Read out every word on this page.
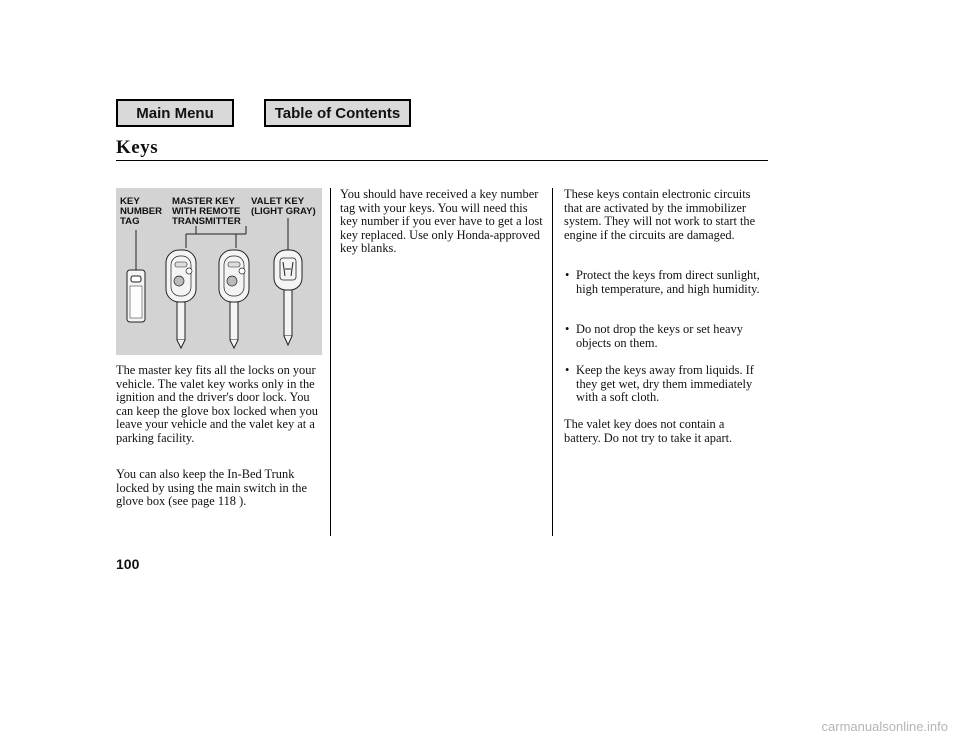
Main Menu	Table of Contents
Keys
KEY
NUMBER
TAG
MASTER KEY
WITH REMOTE
TRANSMITTER
VALET KEY
(LIGHT GRAY)

The master key fits all the locks on your vehicle. The valet key works only in the ignition and the driver's door lock. You can keep the glove box locked when you leave your vehicle and the valet key at a parking facility.

You can also keep the In-Bed Trunk locked by using the main switch in the glove box (see page 118 ).

You should have received a key number tag with your keys. You will need this key number if you ever have to get a lost key replaced. Use only Honda-approved key blanks.

These keys contain electronic circuits that are activated by the immobilizer system. They will not work to start the engine if the circuits are damaged.

• Protect the keys from direct sunlight, high temperature, and high humidity.
• Do not drop the keys or set heavy objects on them.
• Keep the keys away from liquids. If they get wet, dry them immediately with a soft cloth.

The valet key does not contain a battery. Do not try to take it apart.

100
carmanualsonline.info
